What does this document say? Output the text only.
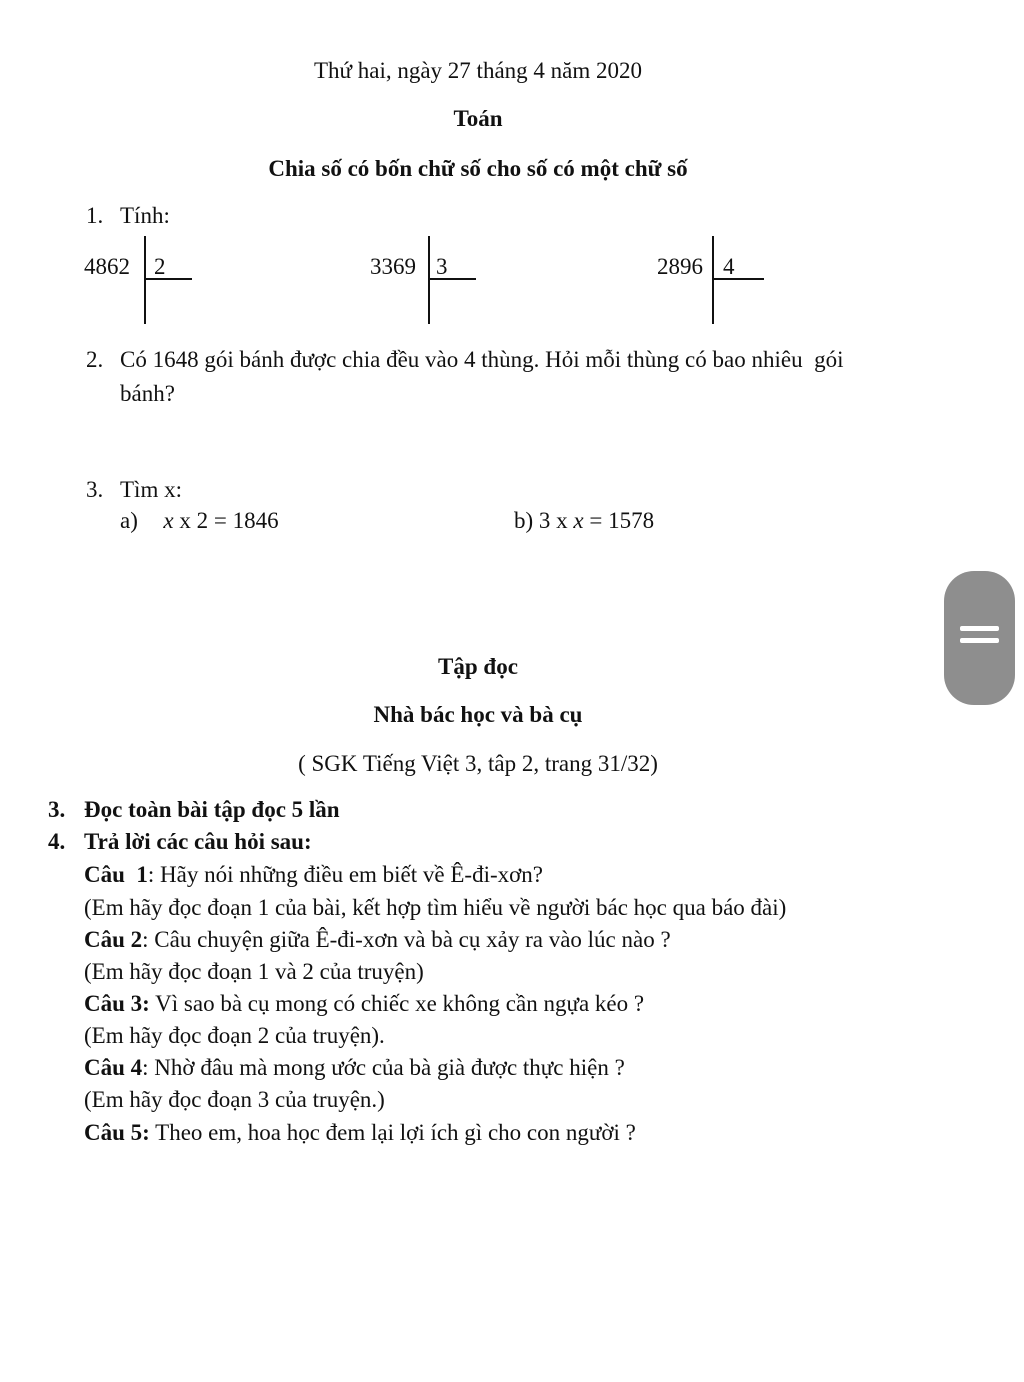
Thứ hai, ngày 27 tháng 4 năm 2020
Toán
Chia số có bốn chữ số cho số có một chữ số
1. Tính:
4862 2	3369 3	2896 4
2. Có 1648 gói bánh được chia đều vào 4 thùng. Hỏi mỗi thùng có bao nhiêu  gói
bánh?
3. Tìm x:
a) x x 2 = 1846	b) 3 x x = 1578
Tập đọc
Nhà bác học và bà cụ
( SGK Tiếng Việt 3, tâp 2, trang 31/32)
3. Đọc toàn bài tập đọc 5 lần
4. Trả lời các câu hỏi sau:
Câu  1: Hãy nói những điều em biết về Ê-đi-xơn?
(Em hãy đọc đoạn 1 của bài, kết hợp tìm hiểu về người bác học qua báo đài)
Câu 2: Câu chuyện giữa Ê-đi-xơn và bà cụ xảy ra vào lúc nào ?
(Em hãy đọc đoạn 1 và 2 của truyện)
Câu 3: Vì sao bà cụ mong có chiếc xe không cần ngựa kéo ?
(Em hãy đọc đoạn 2 của truyện).
Câu 4: Nhờ đâu mà mong ước của bà già được thực hiện ?
(Em hãy đọc đoạn 3 của truyện.)
Câu 5: Theo em, hoa học đem lại lợi ích gì cho con người ?
